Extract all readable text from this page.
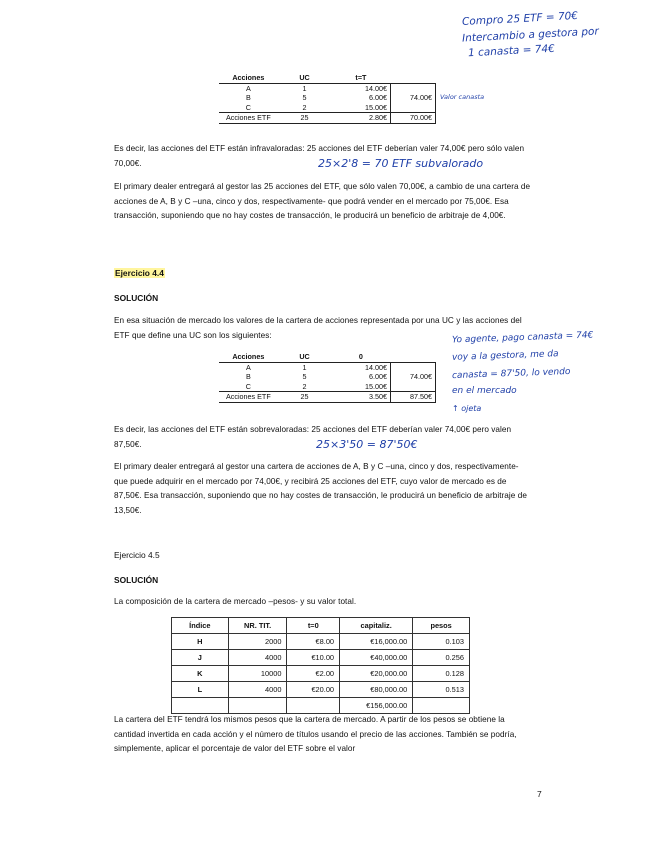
Compro 25 ETF = 70€
Intercambio a gestora por
1 canasta = 74€
Acciones	UC	t=T	
A	1	14.00€	74.00€
B	5	6.00€	
C	2	15.00€	
Acciones ETF	25	2.80€	70.00€
Valor canasta

Es decir, las acciones del ETF están infravaloradas: 25 acciones del ETF deberían valer 74,00€ pero sólo valen 70,00€.	25×2'8 = 70 ETF subvalorado

El primary dealer entregará al gestor las 25 acciones del ETF, que sólo valen 70,00€, a cambio de una cartera de acciones de A, B y C –una, cinco y dos, respectivamente- que podrá vender en el mercado por 75,00€. Esa transacción, suponiendo que no hay costes de transacción, le producirá un beneficio de arbitraje de 4,00€.

Ejercicio 4.4
SOLUCIÓN

En esa situación de mercado los valores de la cartera de acciones representada por una UC y las acciones del ETF que define una UC son los siguientes:

Acciones	UC	0	
A	1	14.00€	74.00€
B	5	6.00€	
C	2	15.00€	
Acciones ETF	25	3.50€	87.50€
Yo agente, pago canasta = 74€
voy a la gestora, me da
canasta = 87'50, lo vendo
en el mercado
↑ ojeta

Es decir, las acciones del ETF están sobrevaloradas: 25 acciones del ETF deberían valer 74,00€ pero valen 87,50€.	25×3'50 = 87'50€

El primary dealer entregará al gestor una cartera de acciones de A, B y C –una, cinco y dos, respectivamente- que puede adquirir en el mercado por 74,00€, y recibirá 25 acciones del ETF, cuyo valor de mercado es de 87,50€. Esa transacción, suponiendo que no hay costes de transacción, le producirá un beneficio de arbitraje de 13,50€.

Ejercicio 4.5
SOLUCIÓN

La composición de la cartera de mercado –pesos- y su valor total.

Índice	NR. TIT.	t=0	capitaliz.	pesos
H	2000	€8.00	€16,000.00	0.103
J	4000	€10.00	€40,000.00	0.256
K	10000	€2.00	€20,000.00	0.128
L	4000	€20.00	€80,000.00	0.513
			€156,000.00	

La cartera del ETF tendrá los mismos pesos que la cartera de mercado. A partir de los pesos se obtiene la cantidad invertida en cada acción y el número de títulos usando el precio de las acciones. También se podría, simplemente, aplicar el porcentaje de valor del ETF sobre el valor

7
